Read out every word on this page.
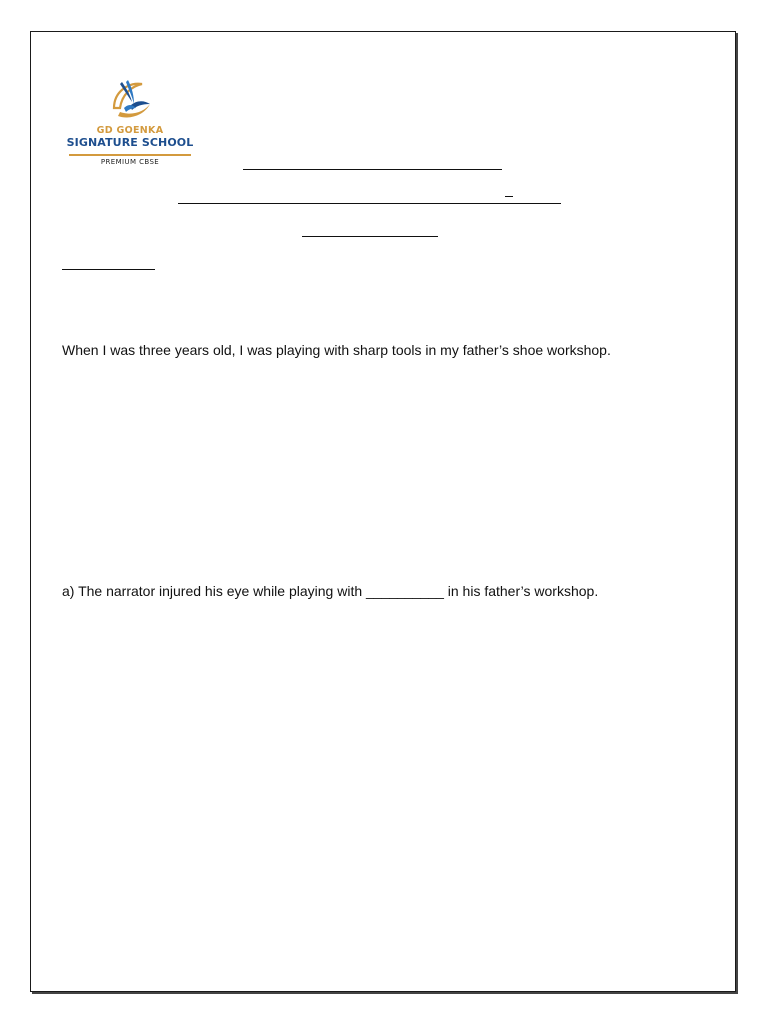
GD GOENKA
SIGNATURE SCHOOL
PREMIUM CBSE
When I was three years old, I was playing with sharp tools in my father’s shoe workshop.
a) The narrator injured his eye while playing with __________ in his father’s workshop.
